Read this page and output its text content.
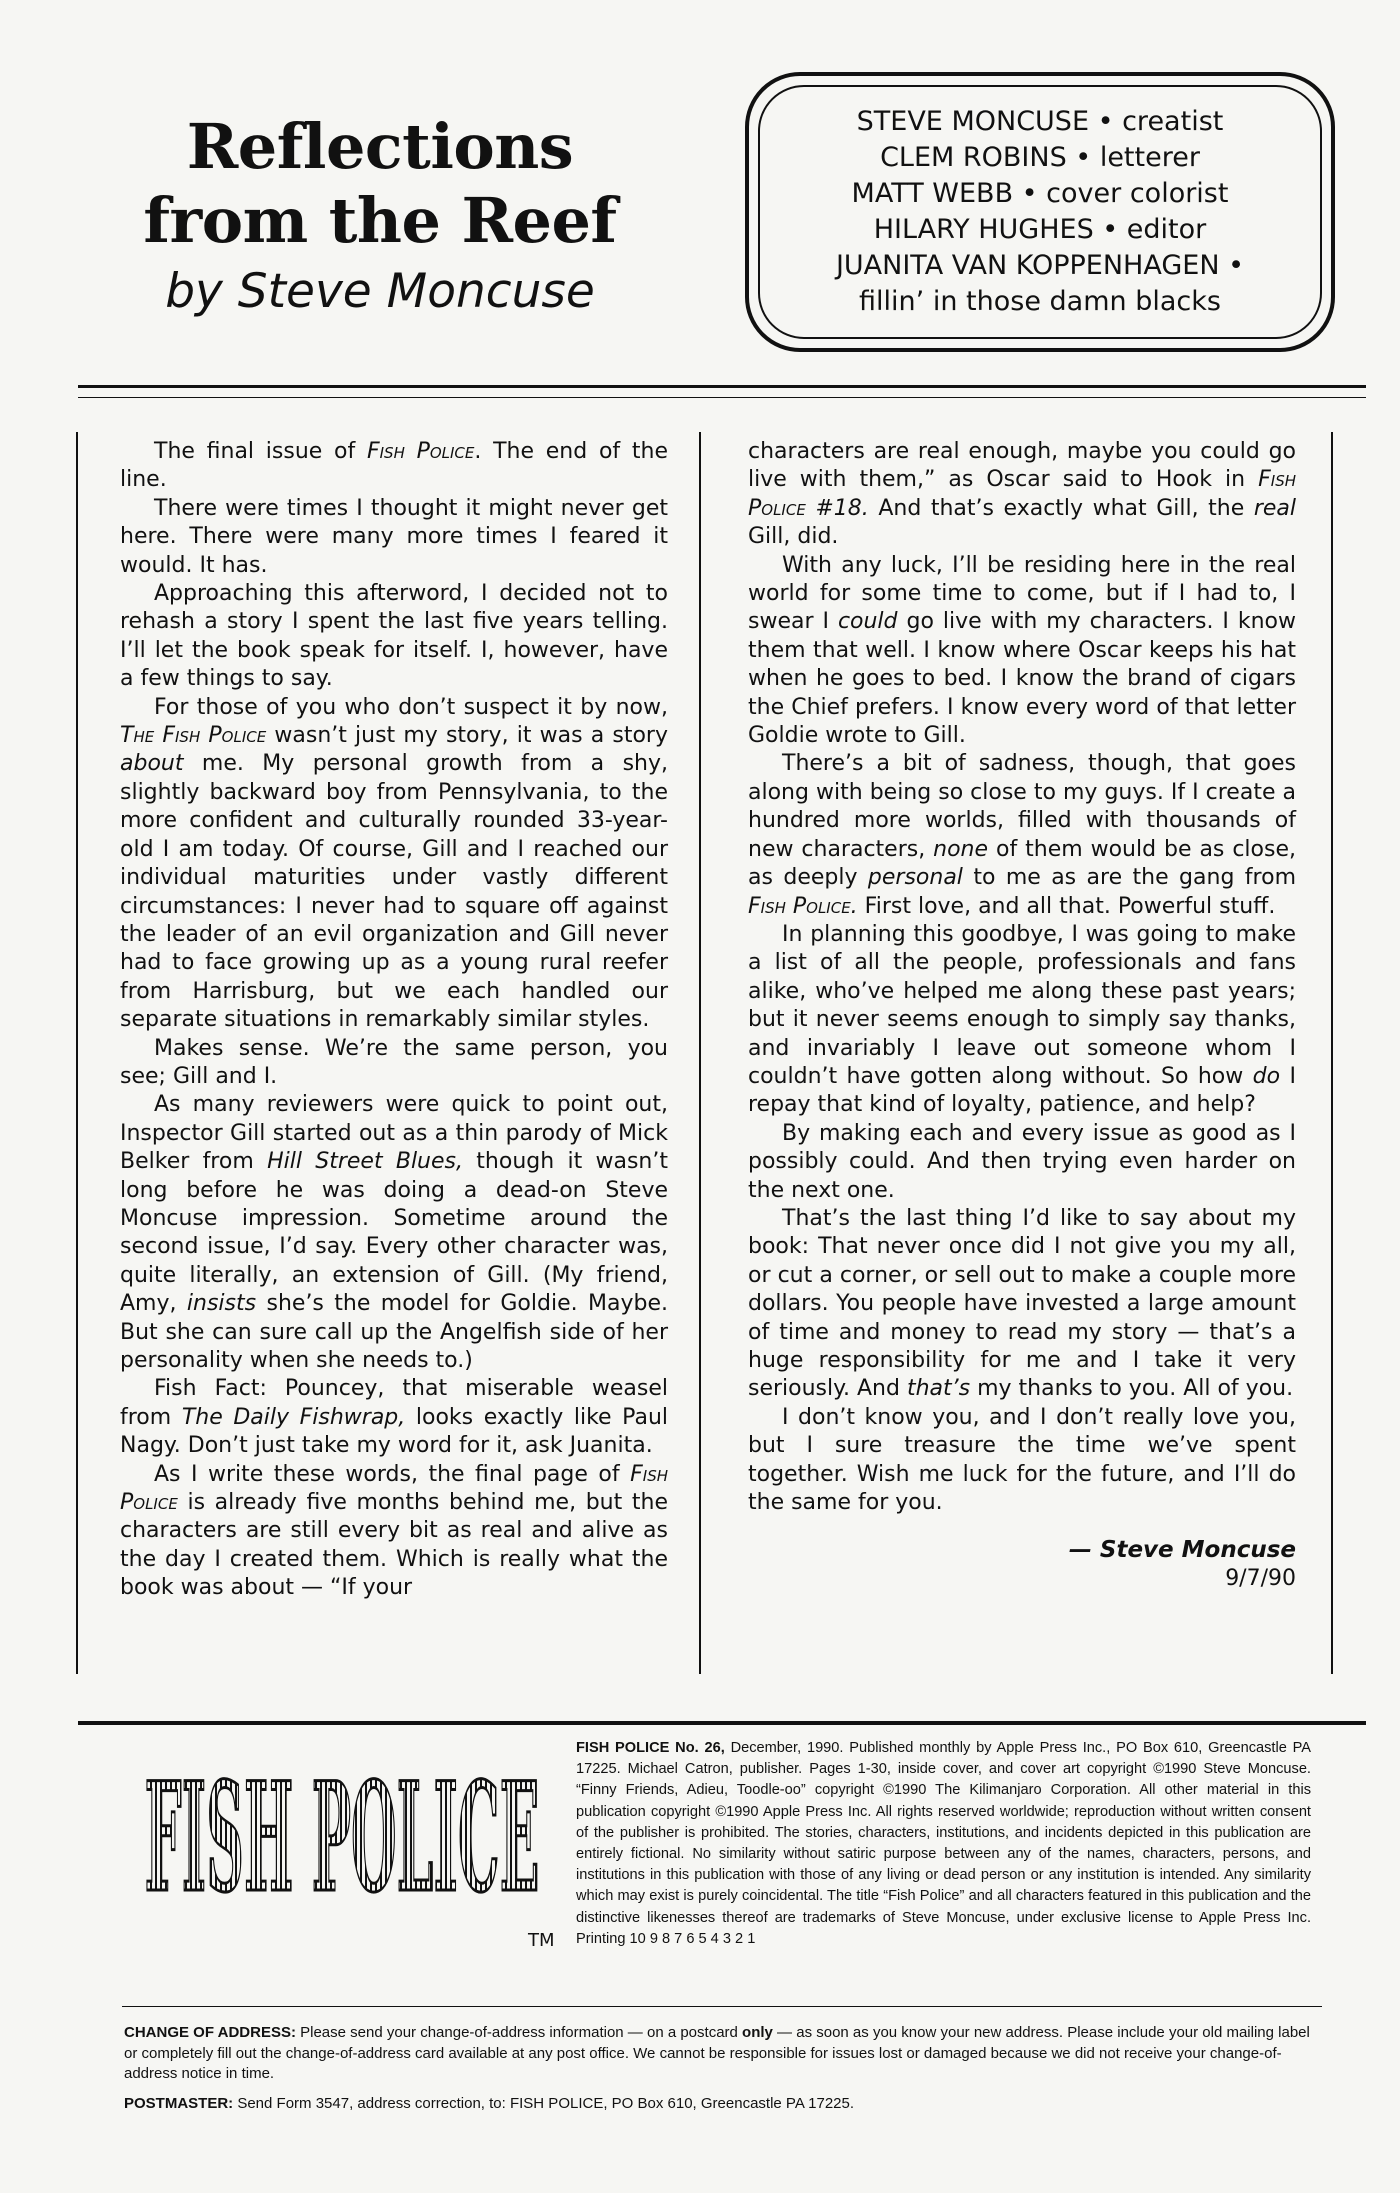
Reflections
from the Reef
by Steve Moncuse
STEVE MONCUSE • creatist
CLEM ROBINS • letterer
MATT WEBB • cover colorist
HILARY HUGHES • editor
JUANITA VAN KOPPENHAGEN •
fillin’ in those damn blacks

The final issue of Fish Police. The end of the line.

There were times I thought it might never get here. There were many more times I feared it would. It has.

Approaching this afterword, I decided not to rehash a story I spent the last five years telling. I’ll let the book speak for itself. I, however, have a few things to say.

For those of you who don’t suspect it by now, The Fish Police wasn’t just my story, it was a story about me. My personal growth from a shy, slightly backward boy from Pennsylvania, to the more confident and culturally rounded 33-year-old I am today. Of course, Gill and I reached our individual maturities under vastly different circumstances: I never had to square off against the leader of an evil organization and Gill never had to face growing up as a young rural reefer from Harrisburg, but we each handled our separate situations in remarkably similar styles.

Makes sense. We’re the same person, you see; Gill and I.

As many reviewers were quick to point out, Inspector Gill started out as a thin parody of Mick Belker from Hill Street Blues, though it wasn’t long before he was doing a dead-on Steve Moncuse impression. Sometime around the second issue, I’d say. Every other character was, quite literally, an extension of Gill. (My friend, Amy, insists she’s the model for Goldie. Maybe. But she can sure call up the Angelfish side of her personality when she needs to.)

Fish Fact: Pouncey, that miserable weasel from The Daily Fishwrap, looks exactly like Paul Nagy. Don’t just take my word for it, ask Juanita.

As I write these words, the final page of Fish Police is already five months behind me, but the characters are still every bit as real and alive as the day I created them. Which is really what the book was about — “If your

characters are real enough, maybe you could go live with them,” as Oscar said to Hook in Fish Police #18. And that’s exactly what Gill, the real Gill, did.

With any luck, I’ll be residing here in the real world for some time to come, but if I had to, I swear I could go live with my characters. I know them that well. I know where Oscar keeps his hat when he goes to bed. I know the brand of cigars the Chief prefers. I know every word of that letter Goldie wrote to Gill.

There’s a bit of sadness, though, that goes along with being so close to my guys. If I create a hundred more worlds, filled with thousands of new characters, none of them would be as close, as deeply personal to me as are the gang from Fish Police. First love, and all that. Powerful stuff.

In planning this goodbye, I was going to make a list of all the people, professionals and fans alike, who’ve helped me along these past years; but it never seems enough to simply say thanks, and invariably I leave out someone whom I couldn’t have gotten along without. So how do I repay that kind of loyalty, patience, and help?

By making each and every issue as good as I possibly could. And then trying even harder on the next one.

That’s the last thing I’d like to say about my book: That never once did I not give you my all, or cut a corner, or sell out to make a couple more dollars. You people have invested a large amount of time and money to read my story — that’s a huge responsibility for me and I take it very seriously. And that’s my thanks to you. All of you.

I don’t know you, and I don’t really love you, but I sure treasure the time we’ve spent together. Wish me luck for the future, and I’ll do the same for you.

— Steve Moncuse
9/7/90
FISH POLICE
TM
FISH POLICE No. 26, December, 1990. Published monthly by Apple Press Inc., PO Box 610, Greencastle PA 17225. Michael Catron, publisher. Pages 1-30, inside cover, and cover art copyright ©1990 Steve Moncuse. “Finny Friends, Adieu, Toodle-oo” copyright ©1990 The Kilimanjaro Corporation. All other material in this publication copyright ©1990 Apple Press Inc. All rights reserved worldwide; reproduction without written consent of the publisher is prohibited. The stories, characters, institutions, and incidents depicted in this publication are entirely fictional. No similarity without satiric purpose between any of the names, characters, persons, and institutions in this publication with those of any living or dead person or any institution is intended. Any similarity which may exist is purely coincidental. The title “Fish Police” and all characters featured in this publication and the distinctive likenesses thereof are trademarks of Steve Moncuse, under exclusive license to Apple Press Inc. Printing 10 9 8 7 6 5 4 3 2 1

CHANGE OF ADDRESS: Please send your change-of-address information — on a postcard only — as soon as you know your new address. Please include your old mailing label or completely fill out the change-of-address card available at any post office. We cannot be responsible for issues lost or damaged because we did not receive your change-of-address notice in time.

POSTMASTER: Send Form 3547, address correction, to: FISH POLICE, PO Box 610, Greencastle PA 17225.
